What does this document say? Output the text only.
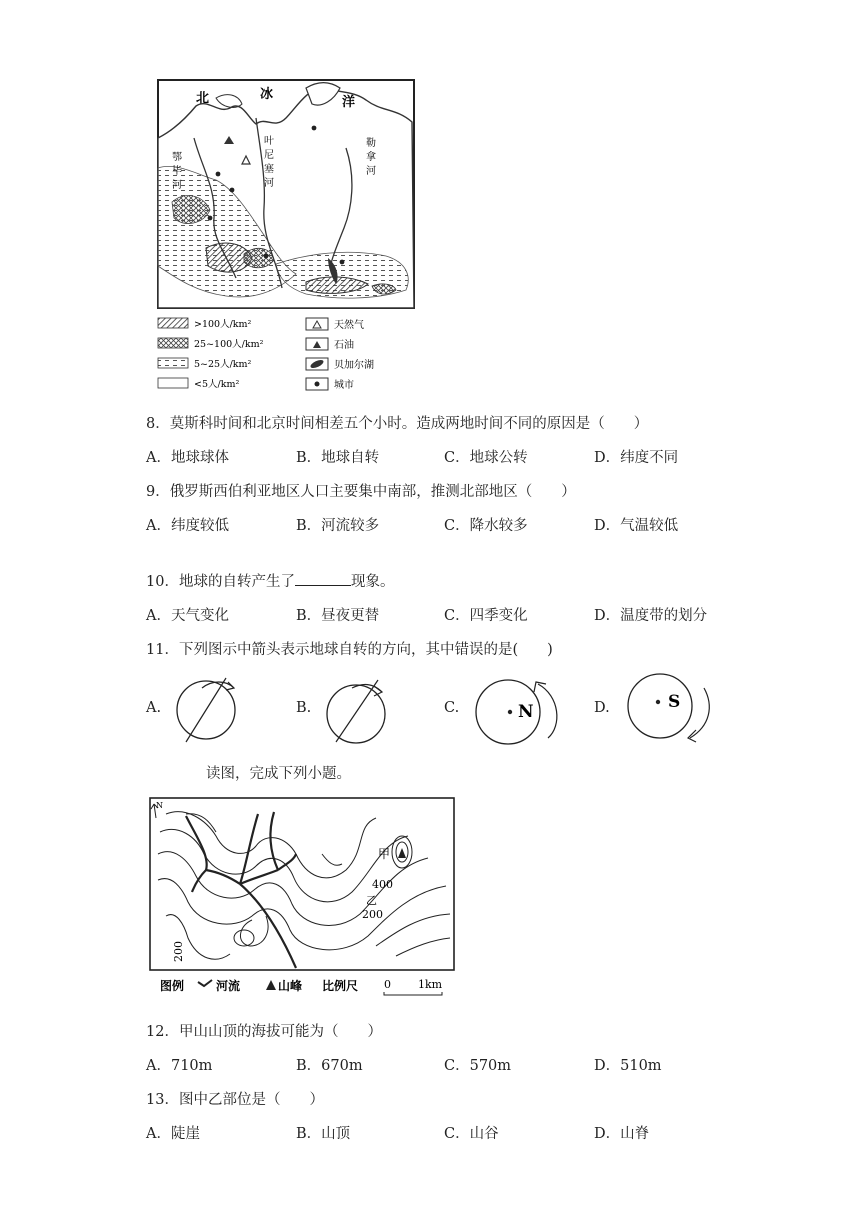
北	冰
洋
鄂毕河
叶尼塞河
勒拿河
>100人/km²
25~100人/km²
5~25人/km²
<5人/km²
天然气
石油
贝加尔湖
城市
8．莫斯科时间和北京时间相差五个小时。造成两地时间不同的原因是（　　）
A．地球球体	B．地球自转	C．地球公转	D．纬度不同
9．俄罗斯西伯利亚地区人口主要集中南部，推测北部地区（　　）
A．纬度较低	B．河流较多	C．降水较多	D．气温较低
10．地球的自转产生了	现象。
A．天气变化	B．昼夜更替	C．四季变化	D．温度带的划分
11．下列图示中箭头表示地球自转的方向，其中错误的是(　　)
A.	B.	C.	D.
N	S
读图，完成下列小题。
N
甲
400
乙
200
200
图例	河流	山峰 比例尺 0 1km
12．甲山山顶的海拔可能为（　　）
A．710m	B．670m	C．570m	D．510m
13．图中乙部位是（　　）
A．陡崖	B．山顶	C．山谷	D．山脊
